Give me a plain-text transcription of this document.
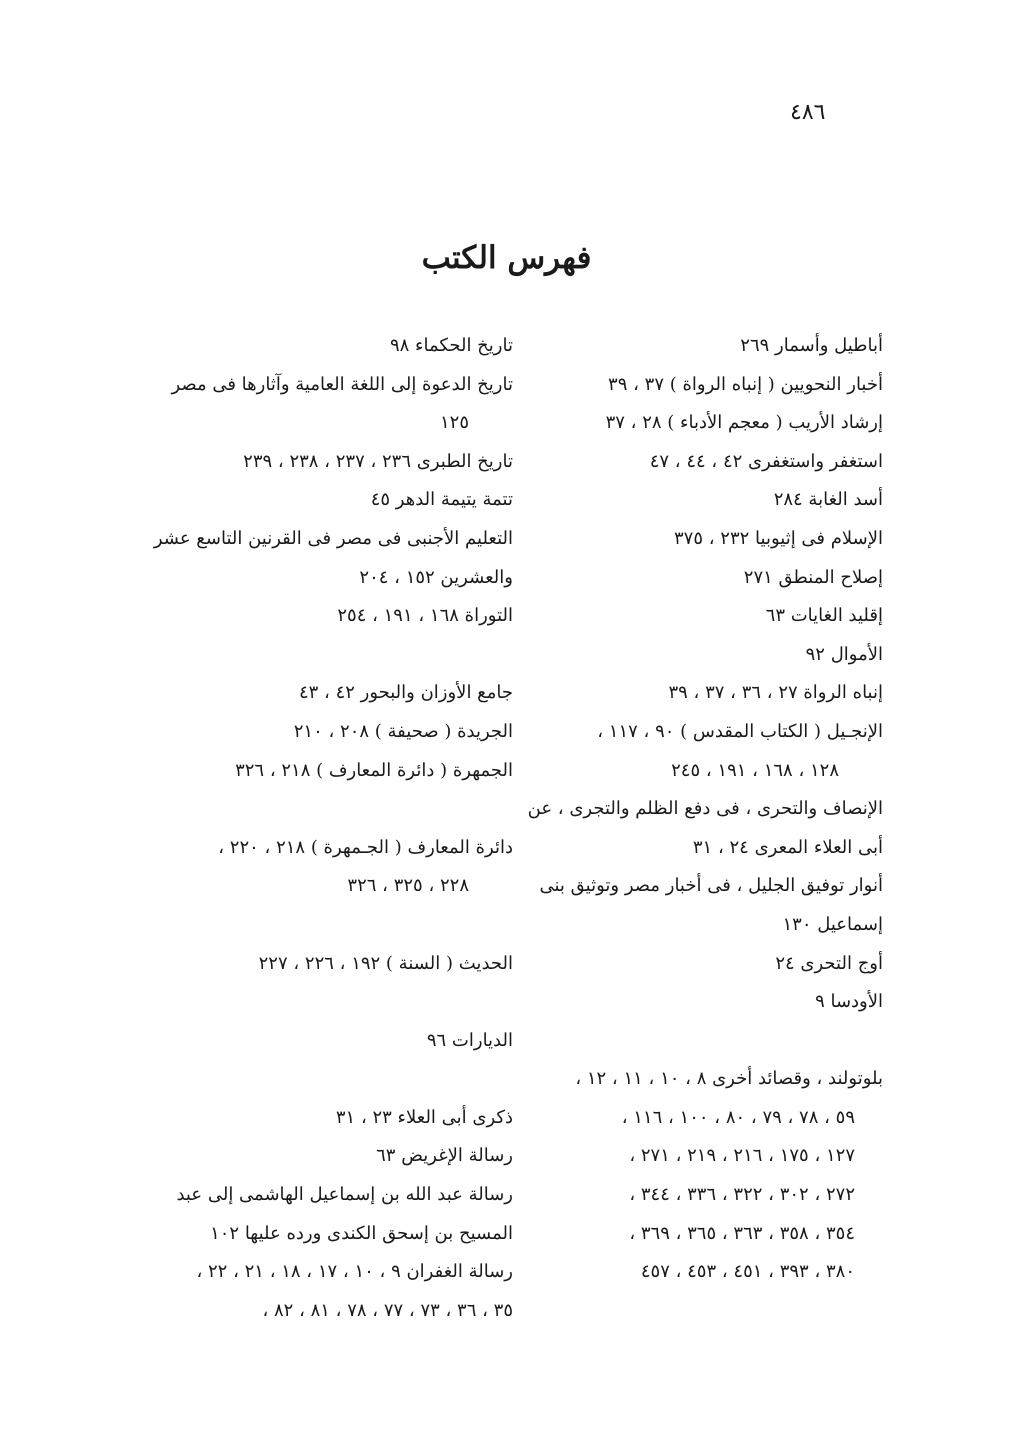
٤٨٦
فهرس الكتب
أباطيل وأسمار ٢٦٩
أخبار النحويين ( إنباه الرواة ) ٣٧ ، ٣٩
إرشاد الأريب ( معجم الأدباء ) ٢٨ ، ٣٧
استغفر واستغفرى ٤٢ ، ٤٤ ، ٤٧
أسد الغابة ٢٨٤
الإسلام فى إثيوبيا ٢٣٢ ، ٣٧٥
إصلاح المنطق ٢٧١
إقليد الغايات ٦٣
الأموال ٩٢
إنباه الرواة ٢٧ ، ٣٦ ، ٣٧ ، ٣٩
الإنجـيل ( الكتاب المقدس ) ٩٠ ، ١١٧ ،
١٢٨ ، ١٦٨ ، ١٩١ ، ٢٤٥
الإنصاف والتحرى ، فى دفع الظلم والتجرى ، عن
أبى العلاء المعرى ٢٤ ، ٣١
أنوار توفيق الجليل ، فى أخبار مصر وتوثيق بنى
إسماعيل ١٣٠
أوج التحرى ٢٤
الأودسا ٩
بلوتولند ، وقصائد أخرى ٨ ، ١٠ ، ١١ ، ١٢ ،
٥٩ ، ٧٨ ، ٧٩ ، ٨٠ ، ١٠٠ ، ١١٦ ،
١٢٧ ، ١٧٥ ، ٢١٦ ، ٢١٩ ، ٢٧١ ،
٢٧٢ ، ٣٠٢ ، ٣٢٢ ، ٣٣٦ ، ٣٤٤ ،
٣٥٤ ، ٣٥٨ ، ٣٦٣ ، ٣٦٥ ، ٣٦٩ ،
٣٨٠ ، ٣٩٣ ، ٤٥١ ، ٤٥٣ ، ٤٥٧
تاريخ الحكماء ٩٨
تاريخ الدعوة إلى اللغة العامية وآثارها فى مصر
١٢٥
تاريخ الطبرى ٢٣٦ ، ٢٣٧ ، ٢٣٨ ، ٢٣٩
تتمة يتيمة الدهر ٤٥
التعليم الأجنبى فى مصر فى القرنين التاسع عشر
والعشرين ١٥٢ ، ٢٠٤
التوراة ١٦٨ ، ١٩١ ، ٢٥٤
جامع الأوزان والبحور ٤٢ ، ٤٣
الجريدة ( صحيفة ) ٢٠٨ ، ٢١٠
الجمهرة ( دائرة المعارف ) ٢١٨ ، ٣٢٦
دائرة المعارف ( الجـمهرة ) ٢١٨ ، ٢٢٠ ،
٢٢٨ ، ٣٢٥ ، ٣٢٦
الحديث ( السنة ) ١٩٢ ، ٢٢٦ ، ٢٢٧
الديارات ٩٦
ذكرى أبى العلاء ٢٣ ، ٣١
رسالة الإغريض ٦٣
رسالة عبد الله بن إسماعيل الهاشمى إلى عبد
المسيح بن إسحق الكندى ورده عليها ١٠٢
رسالة الغفران ٩ ، ١٠ ، ١٧ ، ١٨ ، ٢١ ، ٢٢ ،
٣٥ ، ٣٦ ، ٧٣ ، ٧٧ ، ٧٨ ، ٨١ ، ٨٢ ،
